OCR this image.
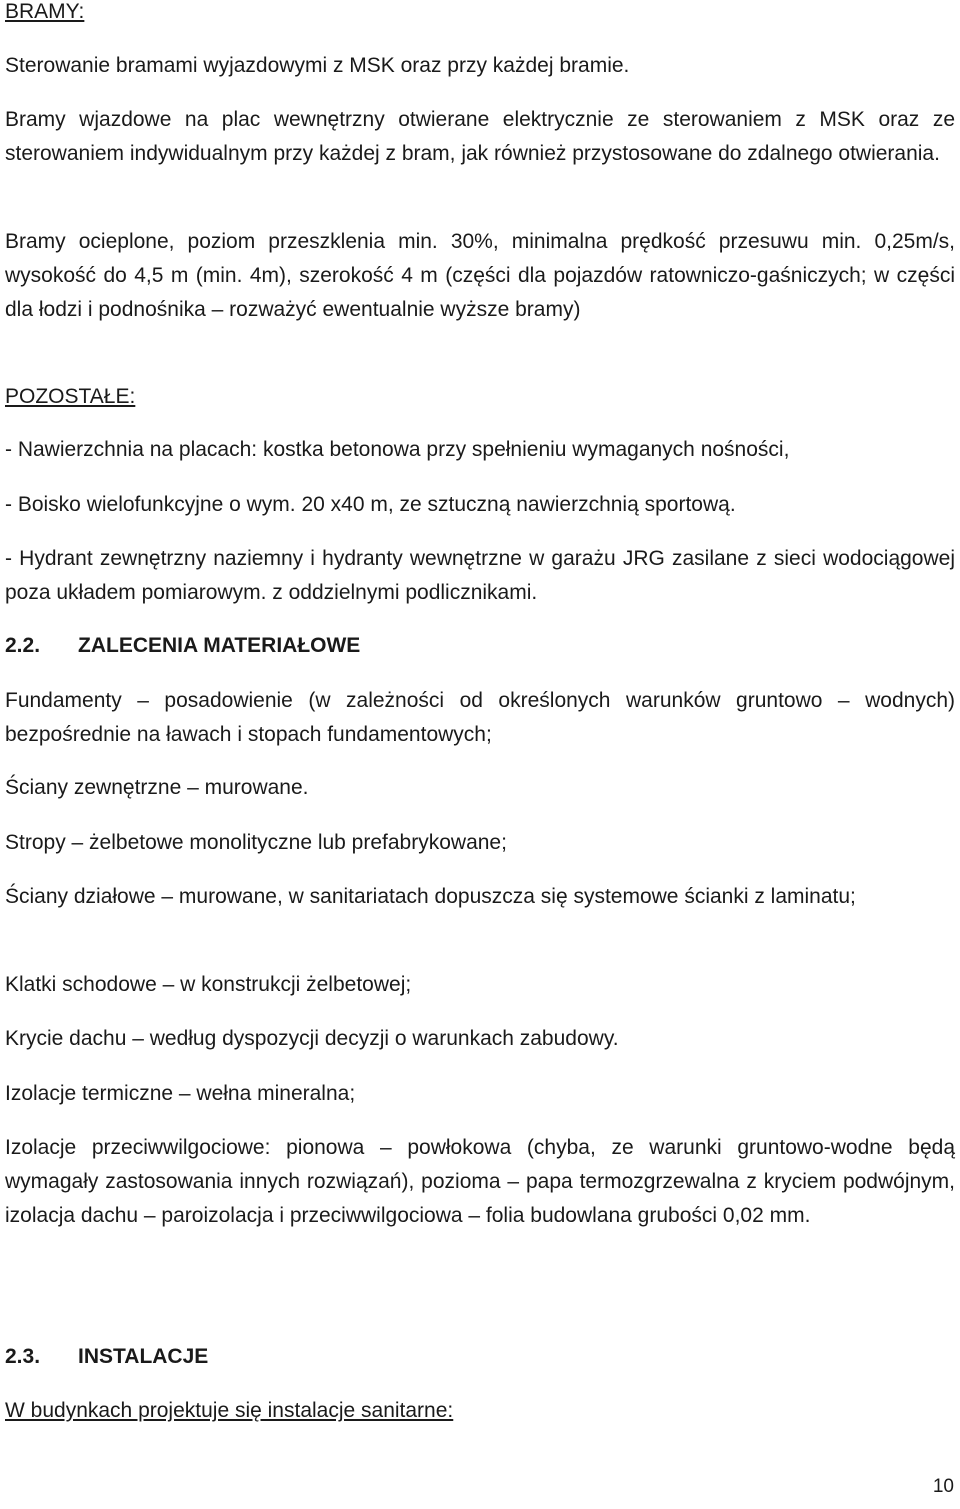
BRAMY:
Sterowanie bramami wyjazdowymi z MSK oraz przy każdej bramie.
Bramy wjazdowe na plac wewnętrzny otwierane elektrycznie ze sterowaniem z MSK oraz ze sterowaniem indywidualnym przy każdej z bram, jak również przystosowane do zdalnego otwierania.
Bramy ocieplone, poziom przeszklenia min. 30%, minimalna prędkość przesuwu min. 0,25m/s, wysokość do 4,5 m (min. 4m), szerokość 4 m (części dla pojazdów ratowniczo-gaśniczych; w części dla łodzi i podnośnika – rozważyć ewentualnie wyższe bramy)
POZOSTAŁE:
- Nawierzchnia na placach: kostka betonowa przy spełnieniu wymaganych nośności,
- Boisko wielofunkcyjne o wym. 20 x40 m, ze sztuczną nawierzchnią sportową.
- Hydrant zewnętrzny naziemny i hydranty wewnętrzne w garażu JRG zasilane z sieci wodociągowej poza układem pomiarowym. z oddzielnymi podlicznikami.
2.2. ZALECENIA MATERIAŁOWE
Fundamenty – posadowienie (w zależności od określonych warunków gruntowo – wodnych) bezpośrednie na ławach i stopach fundamentowych;
Ściany zewnętrzne – murowane.
Stropy – żelbetowe monolityczne lub prefabrykowane;
Ściany działowe – murowane, w sanitariatach dopuszcza się systemowe ścianki z laminatu;
Klatki schodowe – w konstrukcji żelbetowej;
Krycie dachu – według dyspozycji decyzji o warunkach zabudowy.
Izolacje termiczne – wełna mineralna;
Izolacje przeciwwilgociowe: pionowa – powłokowa (chyba, ze warunki gruntowo-wodne będą wymagały zastosowania innych rozwiązań), pozioma – papa termozgrzewalna z kryciem podwójnym, izolacja dachu – paroizolacja i przeciwwilgociowa – folia budowlana grubości 0,02 mm.
2.3. INSTALACJE
W budynkach projektuje się instalacje sanitarne:
10
